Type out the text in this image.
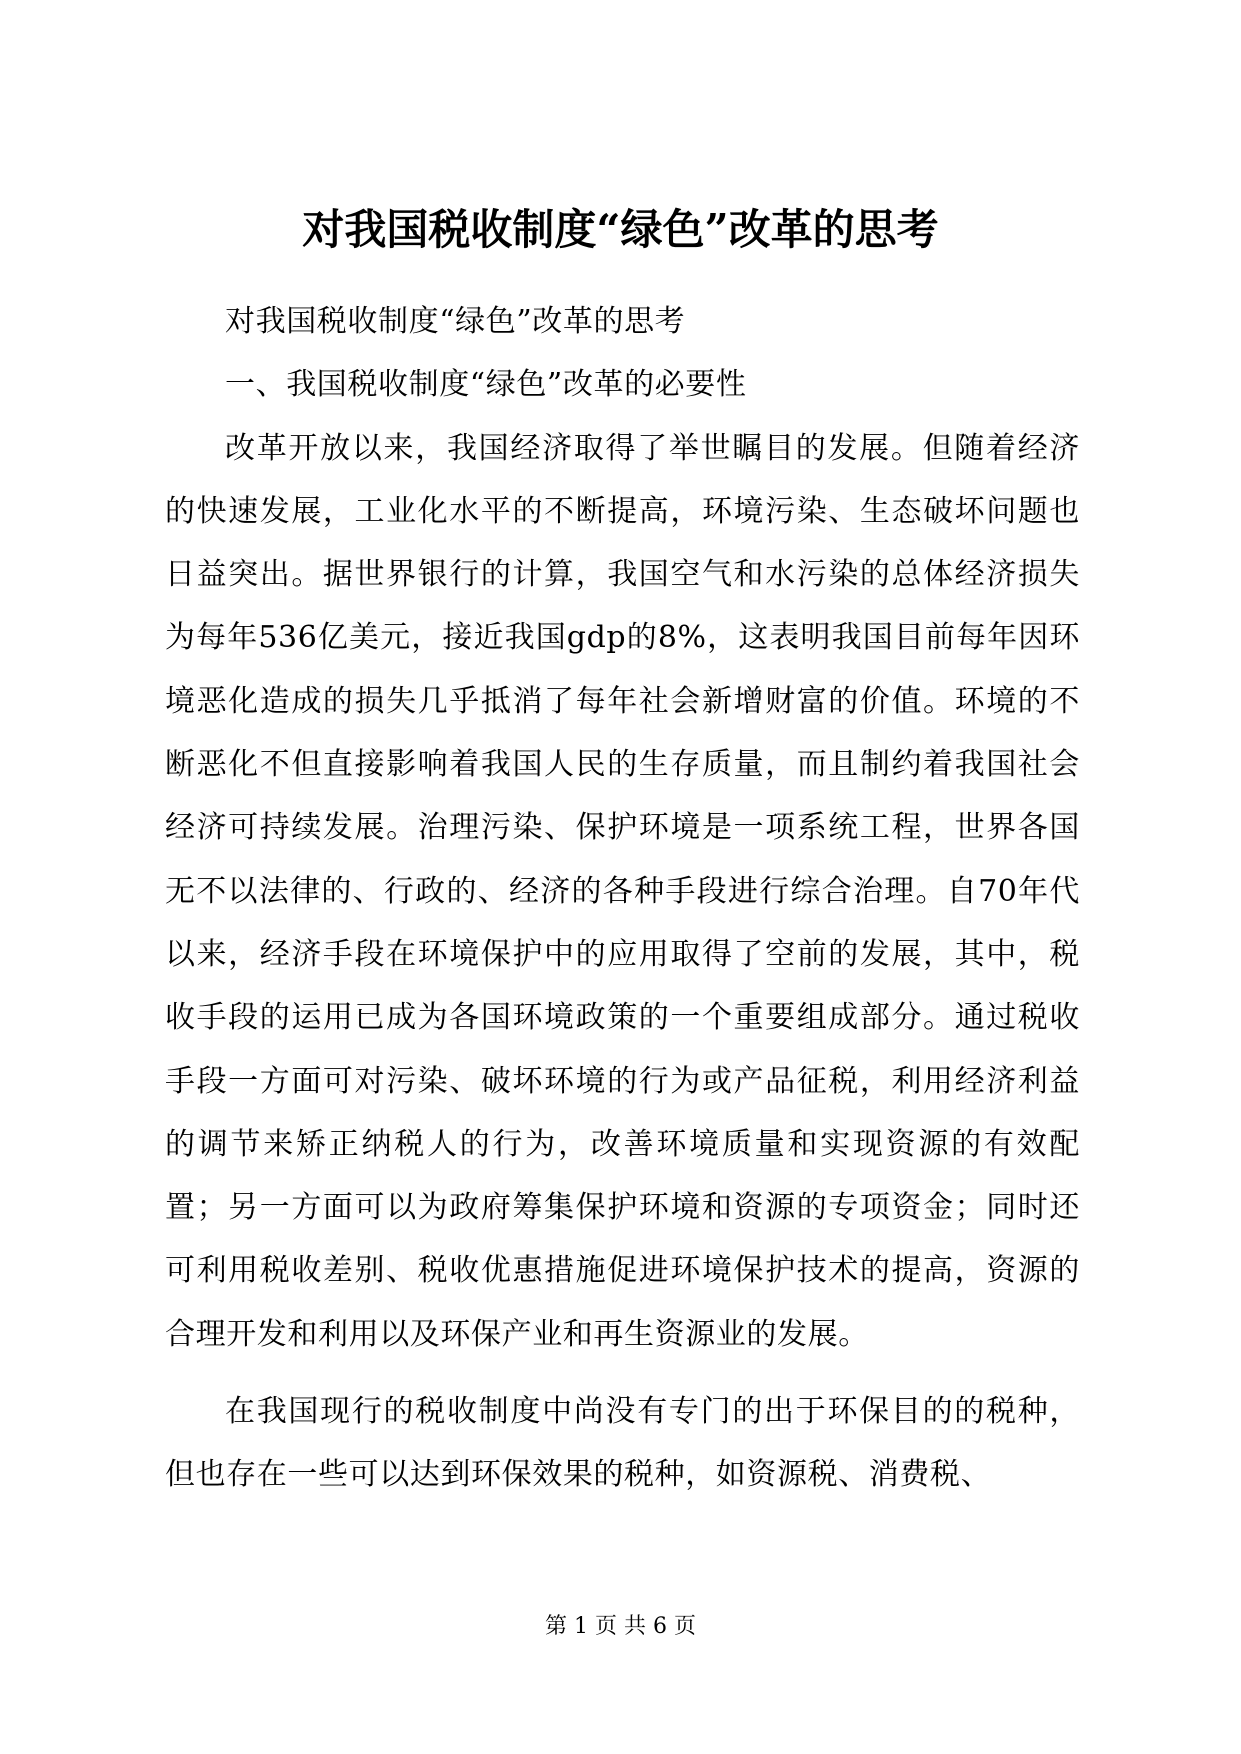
对我国税收制度“绿色”改革的思考

对我国税收制度“绿色”改革的思考

一、我国税收制度“绿色”改革的必要性

改革开放以来，我国经济取得了举世瞩目的发展。但随着经济的快速发展，工业化水平的不断提高，环境污染、生态破坏问题也日益突出。据世界银行的计算，我国空气和水污染的总体经济损失为每年536亿美元，接近我国gdp的8%，这表明我国目前每年因环境恶化造成的损失几乎抵消了每年社会新增财富的价值。环境的不断恶化不但直接影响着我国人民的生存质量，而且制约着我国社会经济可持续发展。治理污染、保护环境是一项系统工程，世界各国无不以法律的、行政的、经济的各种手段进行综合治理。自70年代以来，经济手段在环境保护中的应用取得了空前的发展，其中，税收手段的运用已成为各国环境政策的一个重要组成部分。通过税收手段一方面可对污染、破坏环境的行为或产品征税，利用经济利益的调节来矫正纳税人的行为，改善环境质量和实现资源的有效配置；另一方面可以为政府筹集保护环境和资源的专项资金；同时还可利用税收差别、税收优惠措施促进环境保护技术的提高，资源的合理开发和利用以及环保产业和再生资源业的发展。

在我国现行的税收制度中尚没有专门的出于环保目的的税种，但也存在一些可以达到环保效果的税种，如资源税、消费税、

第 1 页 共 6 页
